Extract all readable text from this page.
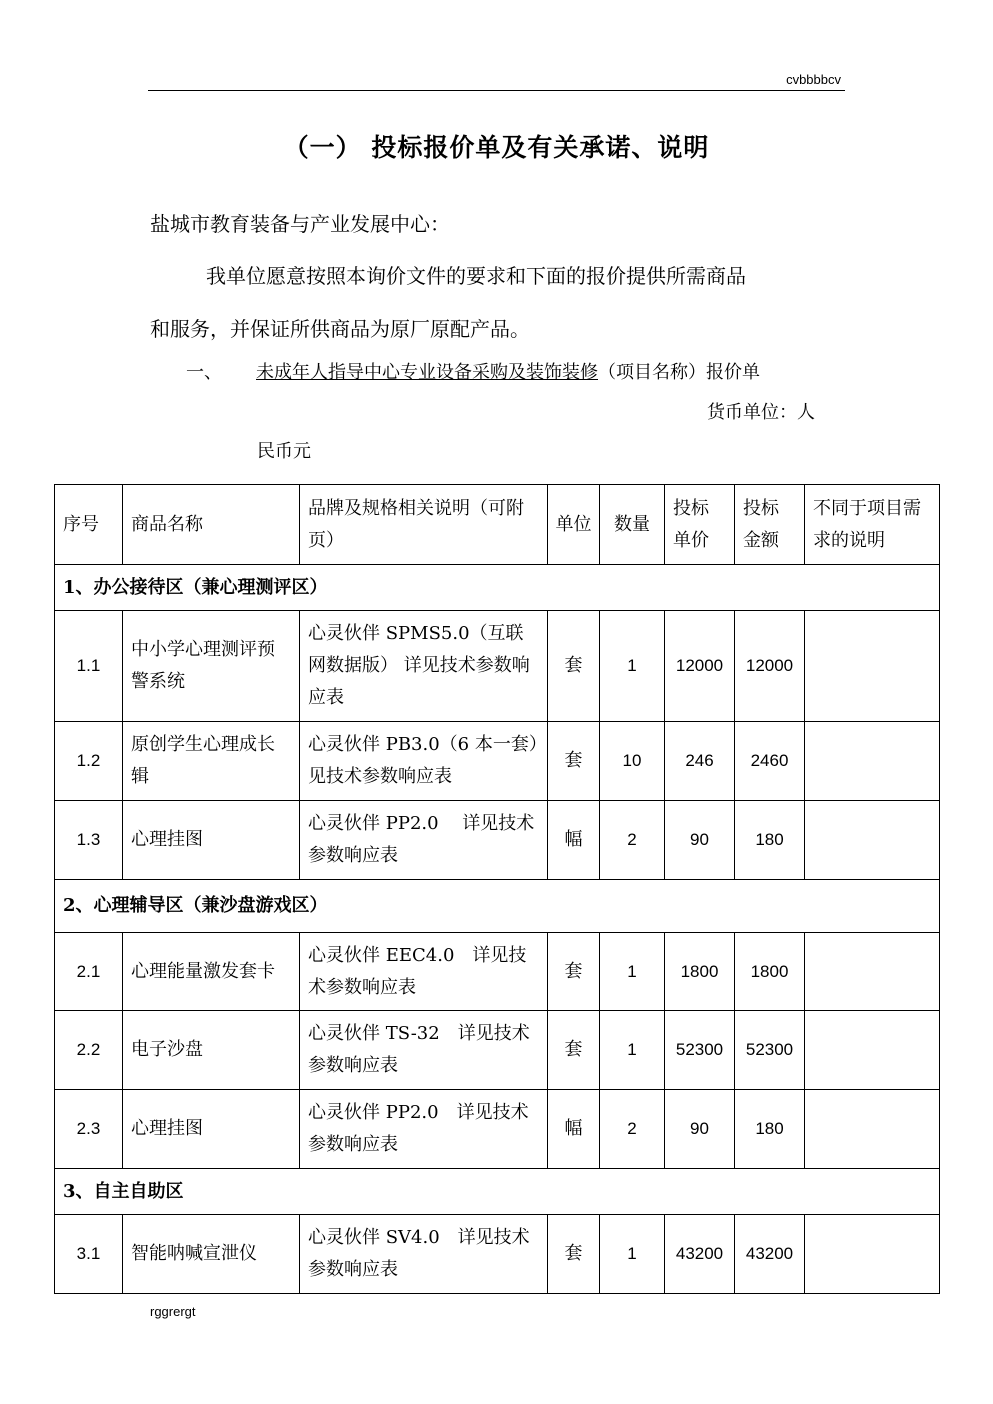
cvbbbbcv
（一） 投标报价单及有关承诺、说明
盐城市教育装备与产业发展中心：
我单位愿意按照本询价文件的要求和下面的报价提供所需商品
和服务，并保证所供商品为原厂原配产品。
一、 未成年人指导中心专业设备采购及装饰装修（项目名称）报价单
货币单位：人
民币元
序号	商品名称	品牌及规格相关说明（可附页）	单位	数量	投标单价	投标金额	不同于项目需求的说明
1、办公接待区（兼心理测评区）							
1.1	中小学心理测评预警系统	心灵伙伴 SPMS5.0（互联网数据版） 详见技术参数响应表	套	1	12000	12000	
1.2	原创学生心理成长辑	心灵伙伴 PB3.0（6 本一套）见技术参数响应表	套	10	246	2460	
1.3	心理挂图	心灵伙伴 PP2.0　 详见技术参数响应表	幅	2	90	180	
2、心理辅导区（兼沙盘游戏区）							
2.1	心理能量激发套卡	心灵伙伴 EEC4.0　详见技术参数响应表	套	1	1800	1800	
2.2	电子沙盘	心灵伙伴 TS-32　详见技术参数响应表	套	1	52300	52300	
2.3	心理挂图	心灵伙伴 PP2.0　详见技术参数响应表	幅	2	90	180	
3、自主自助区							
3.1	智能呐喊宣泄仪	心灵伙伴 SV4.0　详见技术参数响应表	套	1	43200	43200	
rggrergt
